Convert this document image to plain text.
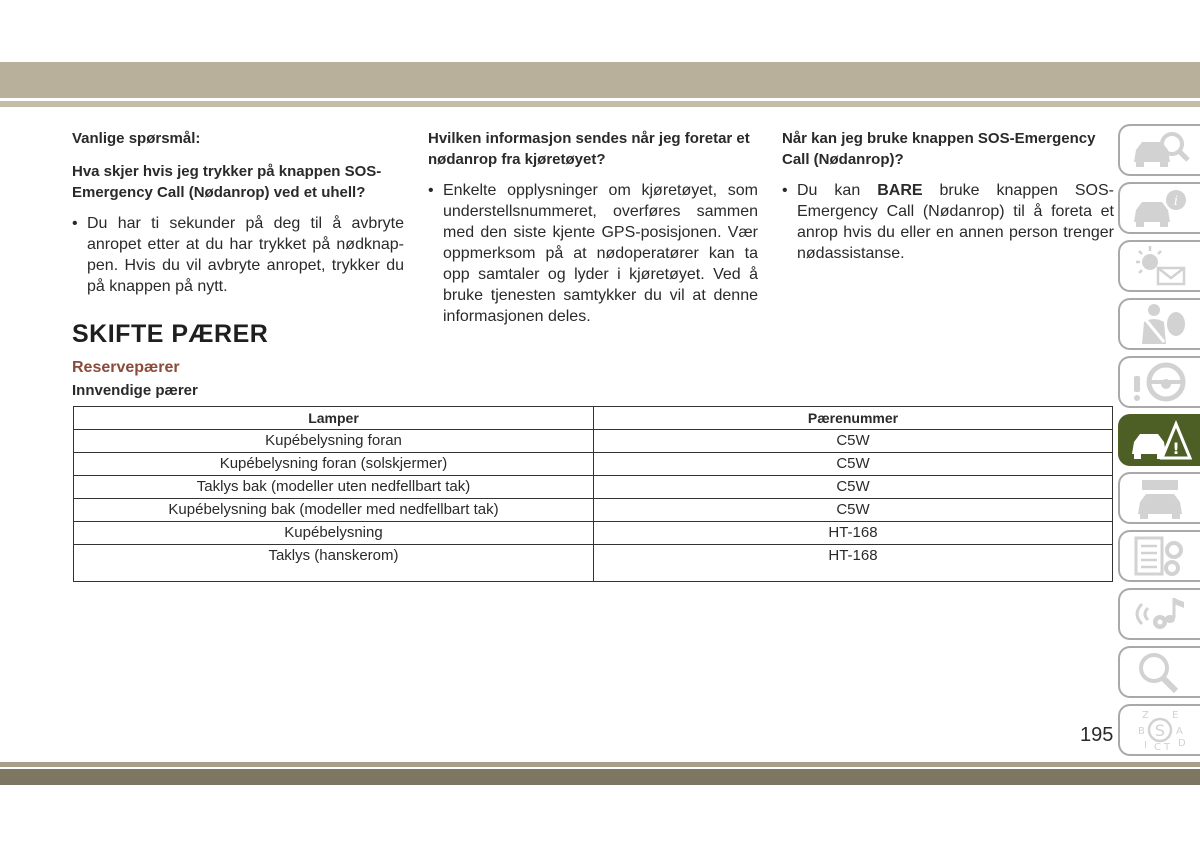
Vanlige spørsmål:

Hva skjer hvis jeg trykker på knappen SOS-Emergency Call (Nødanrop) ved et uhell?

• Du har ti sekunder på deg til å avbryte anropet etter at du har trykket på nødknap-pen. Hvis du vil avbryte anropet, trykker du på knappen på nytt.

Hvilken informasjon sendes når jeg foretar et nødanrop fra kjøretøyet?

• Enkelte opplysninger om kjøretøyet, som understellsnummeret, overføres sammen med den siste kjente GPS-posisjonen. Vær oppmerksom på at nødoperatører kan ta opp samtaler og lyder i kjøretøyet. Ved å bruke tjenesten samtykker du vil at denne informasjonen deles.

Når kan jeg bruke knappen SOS-Emergency Call (Nødanrop)?

• Du kan BARE bruke knappen SOS-Emergency Call (Nødanrop) til å foreta et anrop hvis du eller en annen person trenger nødassistanse.

SKIFTE PÆRER
Reservepærer
Innvendige pærer
Lamper	Pærenummer
Kupébelysning foran	C5W
Kupébelysning foran (solskjermer)	C5W
Taklys bak (modeller uten nedfellbart tak)	C5W
Kupébelysning bak (modeller med nedfellbart tak)	C5W
Kupébelysning	HT-168
Taklys (hanskerom)	HT-168
i
!
S
Z E
B	A
I C T D

195
